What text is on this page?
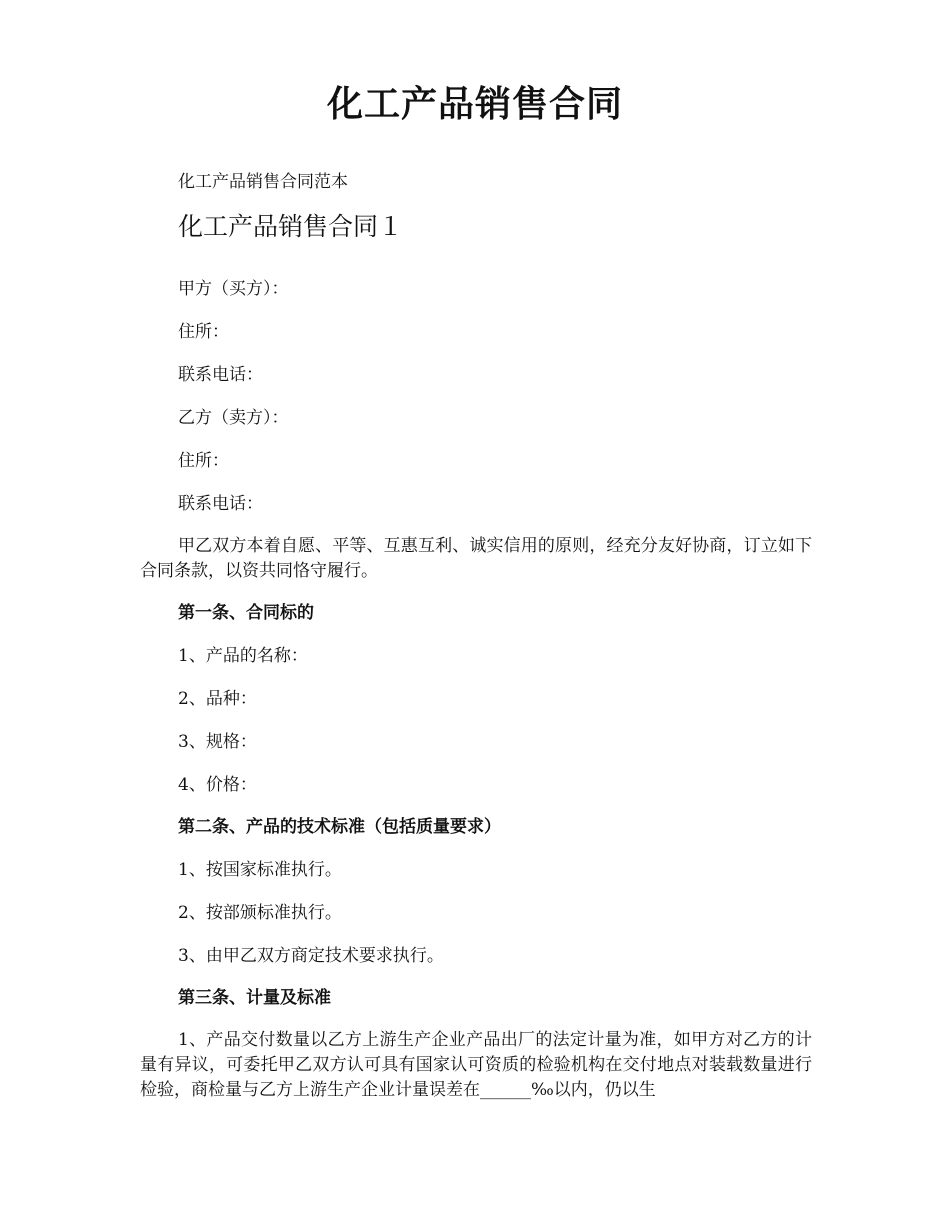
化工产品销售合同

化工产品销售合同范本

化工产品销售合同１

甲方（买方）：

住所：

联系电话：

乙方（卖方）：

住所：

联系电话：

甲乙双方本着自愿、平等、互惠互利、诚实信用的原则，经充分友好协商，订立如下合同条款，以资共同恪守履行。

第一条、合同标的

1、产品的名称：

2、品种：

3、规格：

4、价格：

第二条、产品的技术标准（包括质量要求）

1、按国家标准执行。

2、按部颁标准执行。

3、由甲乙双方商定技术要求执行。

第三条、计量及标准

1、产品交付数量以乙方上游生产企业产品出厂的法定计量为准，如甲方对乙方的计量有异议，可委托甲乙双方认可具有国家认可资质的检验机构在交付地点对装载数量进行检验，商检量与乙方上游生产企业计量误差在______‰以内，仍以生
